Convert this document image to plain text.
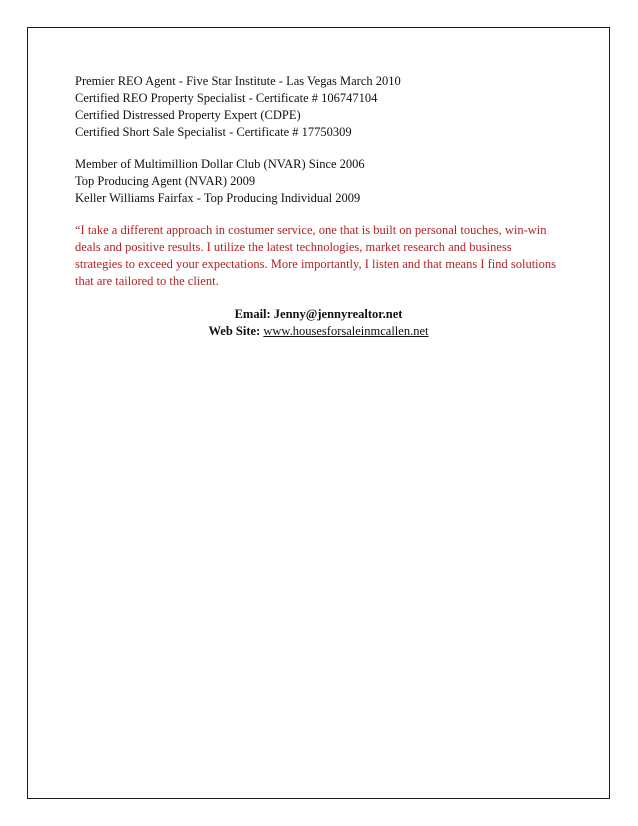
Premier REO Agent - Five Star Institute - Las Vegas March 2010
Certified REO Property Specialist - Certificate # 106747104
Certified Distressed Property Expert (CDPE)
Certified Short Sale Specialist - Certificate # 17750309
Member of Multimillion Dollar Club (NVAR) Since 2006
Top Producing Agent (NVAR) 2009
Keller Williams Fairfax - Top Producing Individual 2009
“I take a different approach in costumer service, one that is built on personal touches, win-win
deals and positive results. I utilize the latest technologies, market research and business
strategies to exceed your expectations. More importantly, I listen and that means I find solutions
that are tailored to the client.
Email: Jenny@jennyrealtor.net
Web Site: www.housesforsaleinmcallen.net
